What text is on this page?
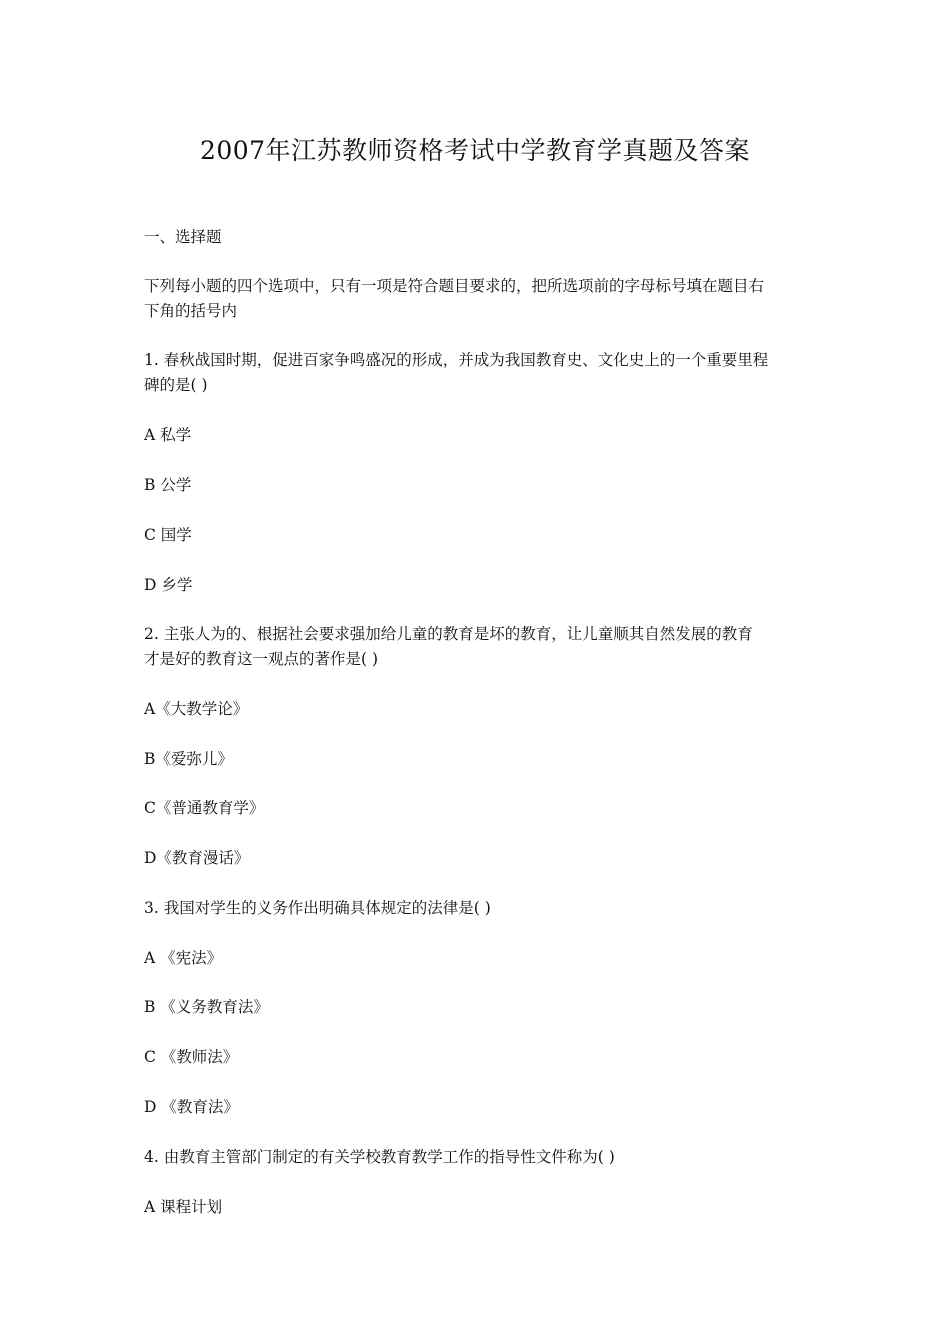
2007年江苏教师资格考试中学教育学真题及答案
一、选择题
下列每小题的四个选项中，只有一项是符合题目要求的，把所选项前的字母标号填在题目右
下角的括号内
1. 春秋战国时期，促进百家争鸣盛况的形成，并成为我国教育史、文化史上的一个重要里程
碑的是( )
A 私学
B 公学
C 国学
D 乡学
2. 主张人为的、根据社会要求强加给儿童的教育是坏的教育，让儿童顺其自然发展的教育
才是好的教育这一观点的著作是( )
A《大教学论》
B《爱弥儿》
C《普通教育学》
D《教育漫话》
3. 我国对学生的义务作出明确具体规定的法律是( )
A 《宪法》
B 《义务教育法》
C 《教师法》
D 《教育法》
4. 由教育主管部门制定的有关学校教育教学工作的指导性文件称为( )
A 课程计划
